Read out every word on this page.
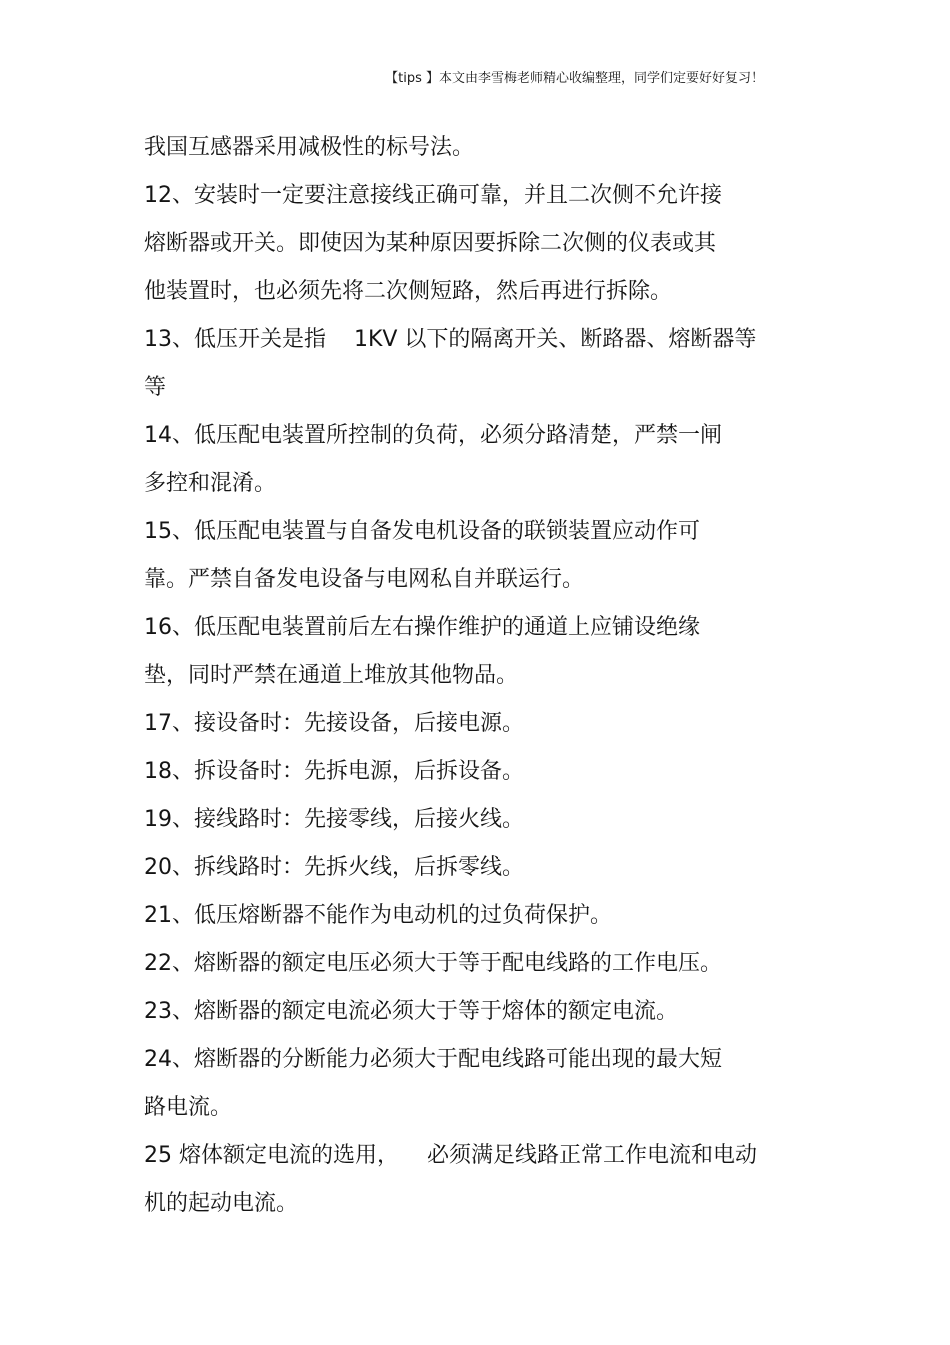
【tips 】本文由李雪梅老师精心收编整理，同学们定要好好复习！
我国互感器采用减极性的标号法。
12、安装时一定要注意接线正确可靠，并且二次侧不允许接
熔断器或开关。即使因为某种原因要拆除二次侧的仪表或其
他装置时，也必须先将二次侧短路，然后再进行拆除。
13、低压开关是指    1KV 以下的隔离开关、断路器、熔断器等
等
14、低压配电装置所控制的负荷，必须分路清楚，严禁一闸
多控和混淆。
15、低压配电装置与自备发电机设备的联锁装置应动作可
靠。严禁自备发电设备与电网私自并联运行。
16、低压配电装置前后左右操作维护的通道上应铺设绝缘
垫，同时严禁在通道上堆放其他物品。
17、接设备时：先接设备，后接电源。
18、拆设备时：先拆电源，后拆设备。
19、接线路时：先接零线，后接火线。
20、拆线路时：先拆火线，后拆零线。
21、低压熔断器不能作为电动机的过负荷保护。
22、熔断器的额定电压必须大于等于配电线路的工作电压。
23、熔断器的额定电流必须大于等于熔体的额定电流。
24、熔断器的分断能力必须大于配电线路可能出现的最大短
路电流。
25 熔体额定电流的选用，    必须满足线路正常工作电流和电动
机的起动电流。
